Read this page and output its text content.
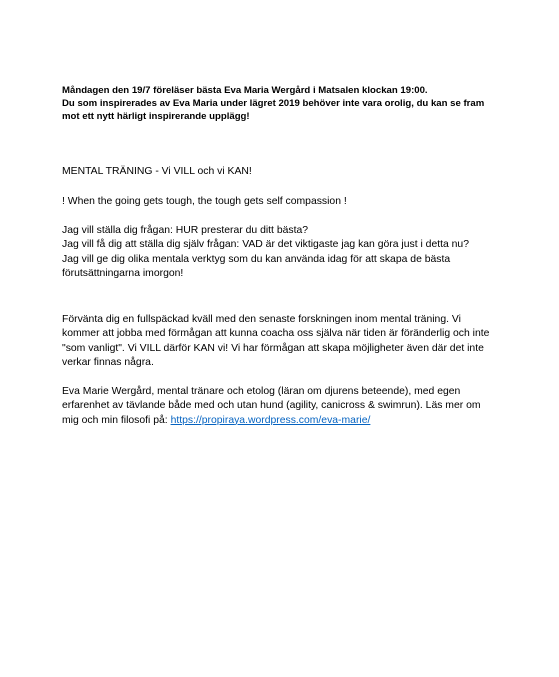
Måndagen den 19/7 föreläser bästa Eva Maria Wergård i Matsalen klockan 19:00.

Du som inspirerades av Eva Maria under lägret 2019 behöver inte vara orolig, du kan se fram mot ett nytt härligt inspirerande upplägg!

MENTAL TRÄNING - Vi VILL och vi KAN!

! When the going gets tough, the tough gets self compassion !

Jag vill ställa dig frågan: HUR presterar du ditt bästa?

Jag vill få dig att ställa dig själv frågan: VAD är det viktigaste jag kan göra just i detta nu?

Jag vill ge dig olika mentala verktyg som du kan använda idag för att skapa de bästa förutsättningarna imorgon!

Förvänta dig en fullspäckad kväll med den senaste forskningen inom mental träning. Vi kommer att jobba med förmågan att kunna coacha oss själva när tiden är föränderlig och inte "som vanligt". Vi VILL därför KAN vi! Vi har förmågan att skapa möjligheter även där det inte verkar finnas några.

Eva Marie Wergård, mental tränare och etolog (läran om djurens beteende), med egen erfarenhet av tävlande både med och utan hund (agility, canicross & swimrun). Läs mer om mig och min filosofi på: https://propiraya.wordpress.com/eva-marie/
